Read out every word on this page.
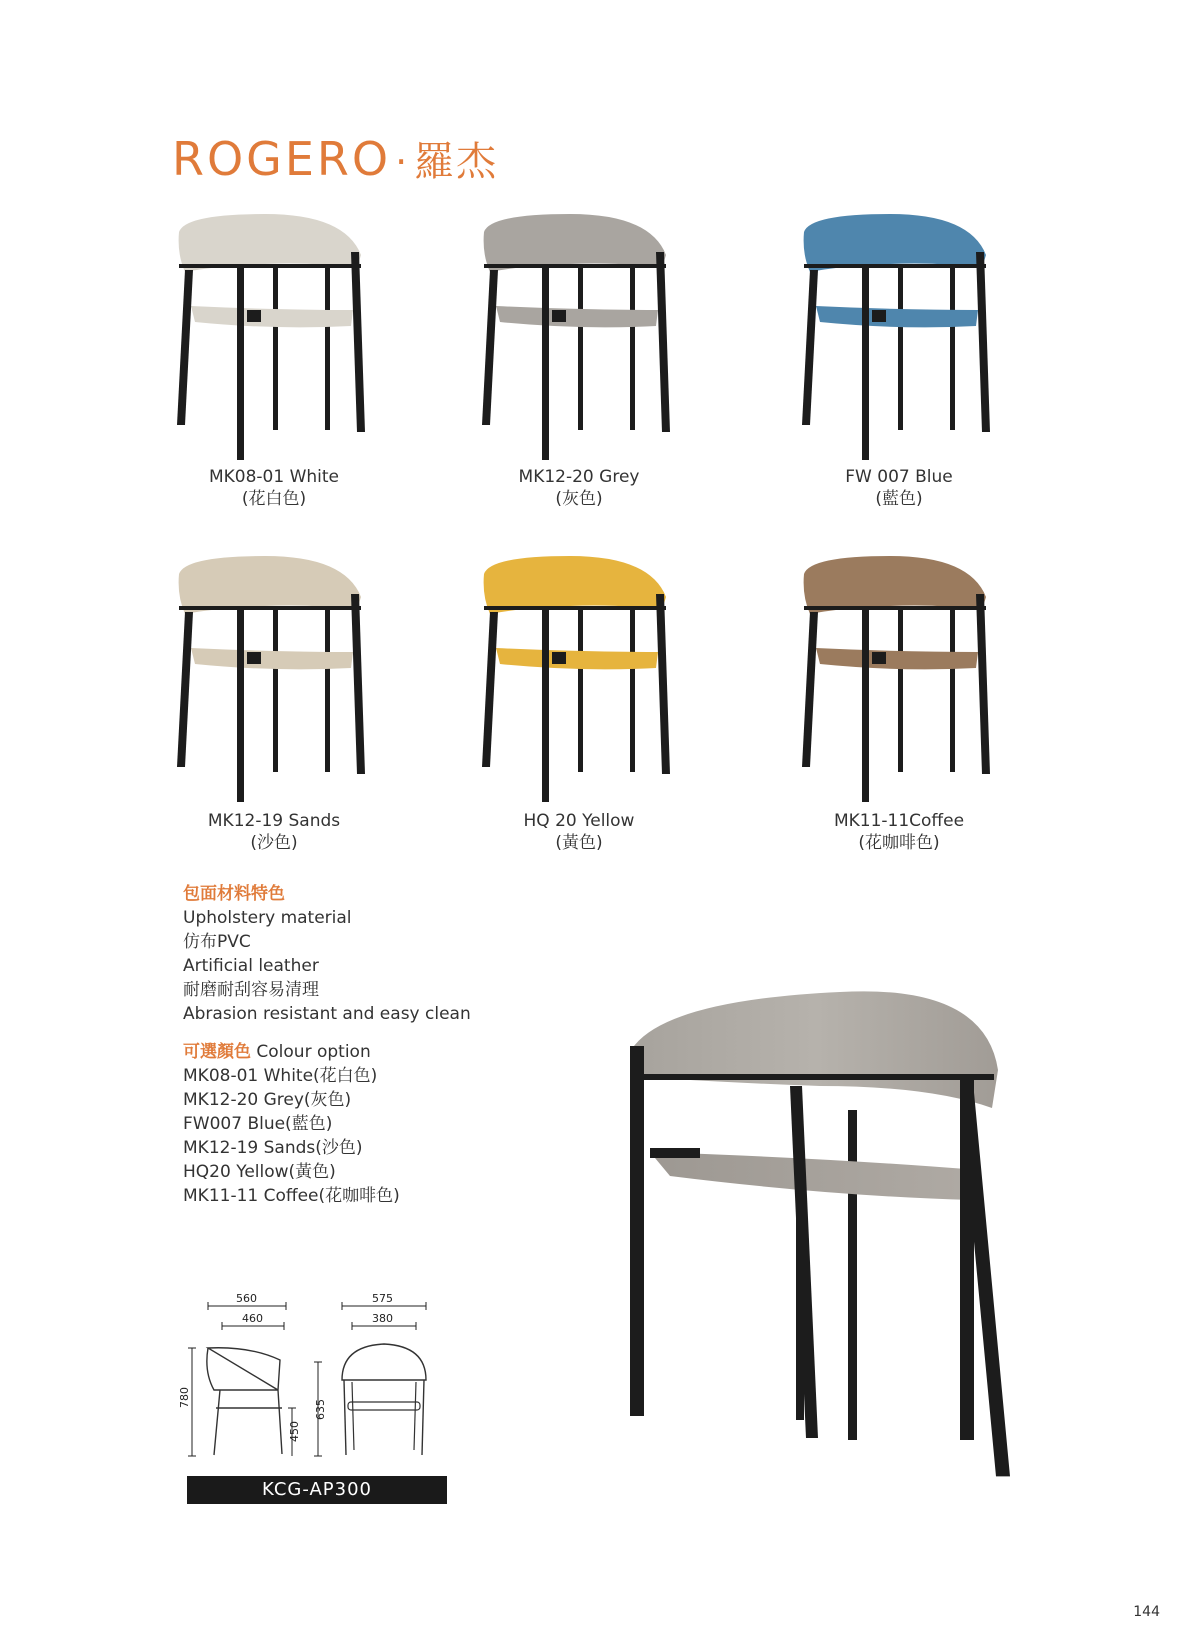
ROGERO · 羅杰
MK08-01 White
(花白色)
MK12-20 Grey
(灰色)
FW 007 Blue
(藍色)
MK12-19 Sands
(沙色)
HQ 20 Yellow
(黃色)
MK11-11Coffee
(花咖啡色)
包面材料特色
Upholstery material
仿布PVC
Artificial leather
耐磨耐刮容易清理
Abrasion resistant and easy clean
可選顏色 Colour option
MK08-01 White(花白色)
MK12-20 Grey(灰色)
FW007 Blue(藍色)
MK12-19 Sands(沙色)
HQ20 Yellow(黃色)
MK11-11 Coffee(花咖啡色)
560
460
780
450
635
575
380
KCG-AP300
144
